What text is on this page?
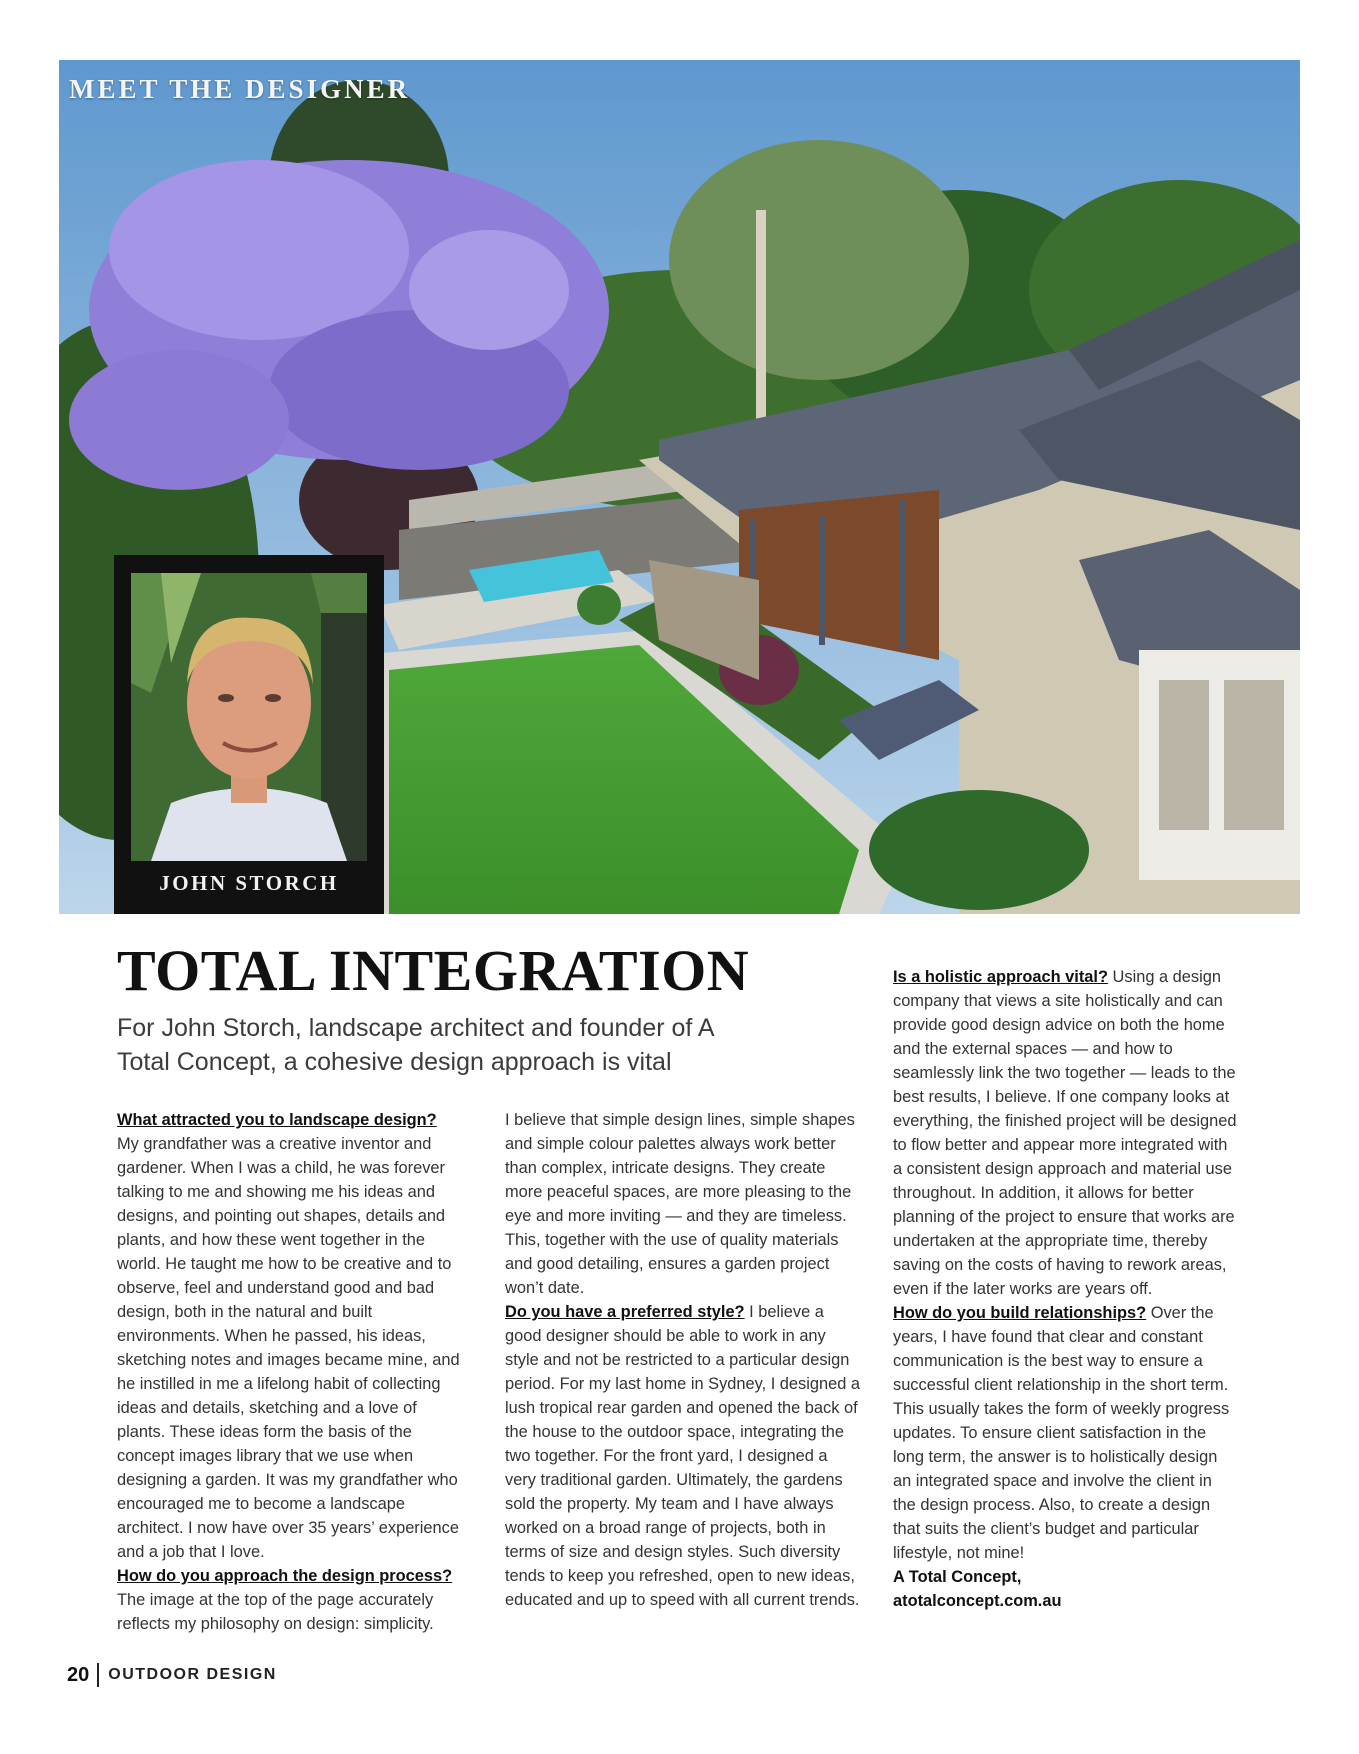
MEET THE DESIGNER
JOHN STORCH
TOTAL INTEGRATION

For John Storch, landscape architect and founder of A Total Concept, a cohesive design approach is vital

What attracted you to landscape design?

My grandfather was a creative inventor and gardener. When I was a child, he was forever talking to me and showing me his ideas and designs, and pointing out shapes, details and plants, and how these went together in the world. He taught me how to be creative and to observe, feel and understand good and bad design, both in the natural and built environments. When he passed, his ideas, sketching notes and images became mine, and he instilled in me a lifelong habit of collecting ideas and details, sketching and a love of plants. These ideas form the basis of the concept images library that we use when designing a garden. It was my grandfather who encouraged me to become a landscape architect. I now have over 35 years’ experience and a job that I love.

How do you approach the design process?

The image at the top of the page accurately reflects my philosophy on design: simplicity.

I believe that simple design lines, simple shapes and simple colour palettes always work better than complex, intricate designs. They create more peaceful spaces, are more pleasing to the eye and more inviting — and they are timeless. This, together with the use of quality materials and good detailing, ensures a garden project won’t date.

Do you have a preferred style? I believe a good designer should be able to work in any style and not be restricted to a particular design period. For my last home in Sydney, I designed a lush tropical rear garden and opened the back of the house to the outdoor space, integrating the two together. For the front yard, I designed a very traditional garden. Ultimately, the gardens sold the property. My team and I have always worked on a broad range of projects, both in terms of size and design styles. Such diversity tends to keep you refreshed, open to new ideas, educated and up to speed with all current trends.

Is a holistic approach vital? Using a design company that views a site holistically and can provide good design advice on both the home and the external spaces — and how to seamlessly link the two together — leads to the best results, I believe. If one company looks at everything, the finished project will be designed to flow better and appear more integrated with a consistent design approach and material use throughout. In addition, it allows for better planning of the project to ensure that works are undertaken at the appropriate time, thereby saving on the costs of having to rework areas, even if the later works are years off.

How do you build relationships? Over the years, I have found that clear and constant communication is the best way to ensure a successful client relationship in the short term. This usually takes the form of weekly progress updates. To ensure client satisfaction in the long term, the answer is to holistically design an integrated space and involve the client in the design process. Also, to create a design that suits the client’s budget and particular lifestyle, not mine!

A Total Concept,

atotalconcept.com.au

20 OUTDOOR DESIGN
